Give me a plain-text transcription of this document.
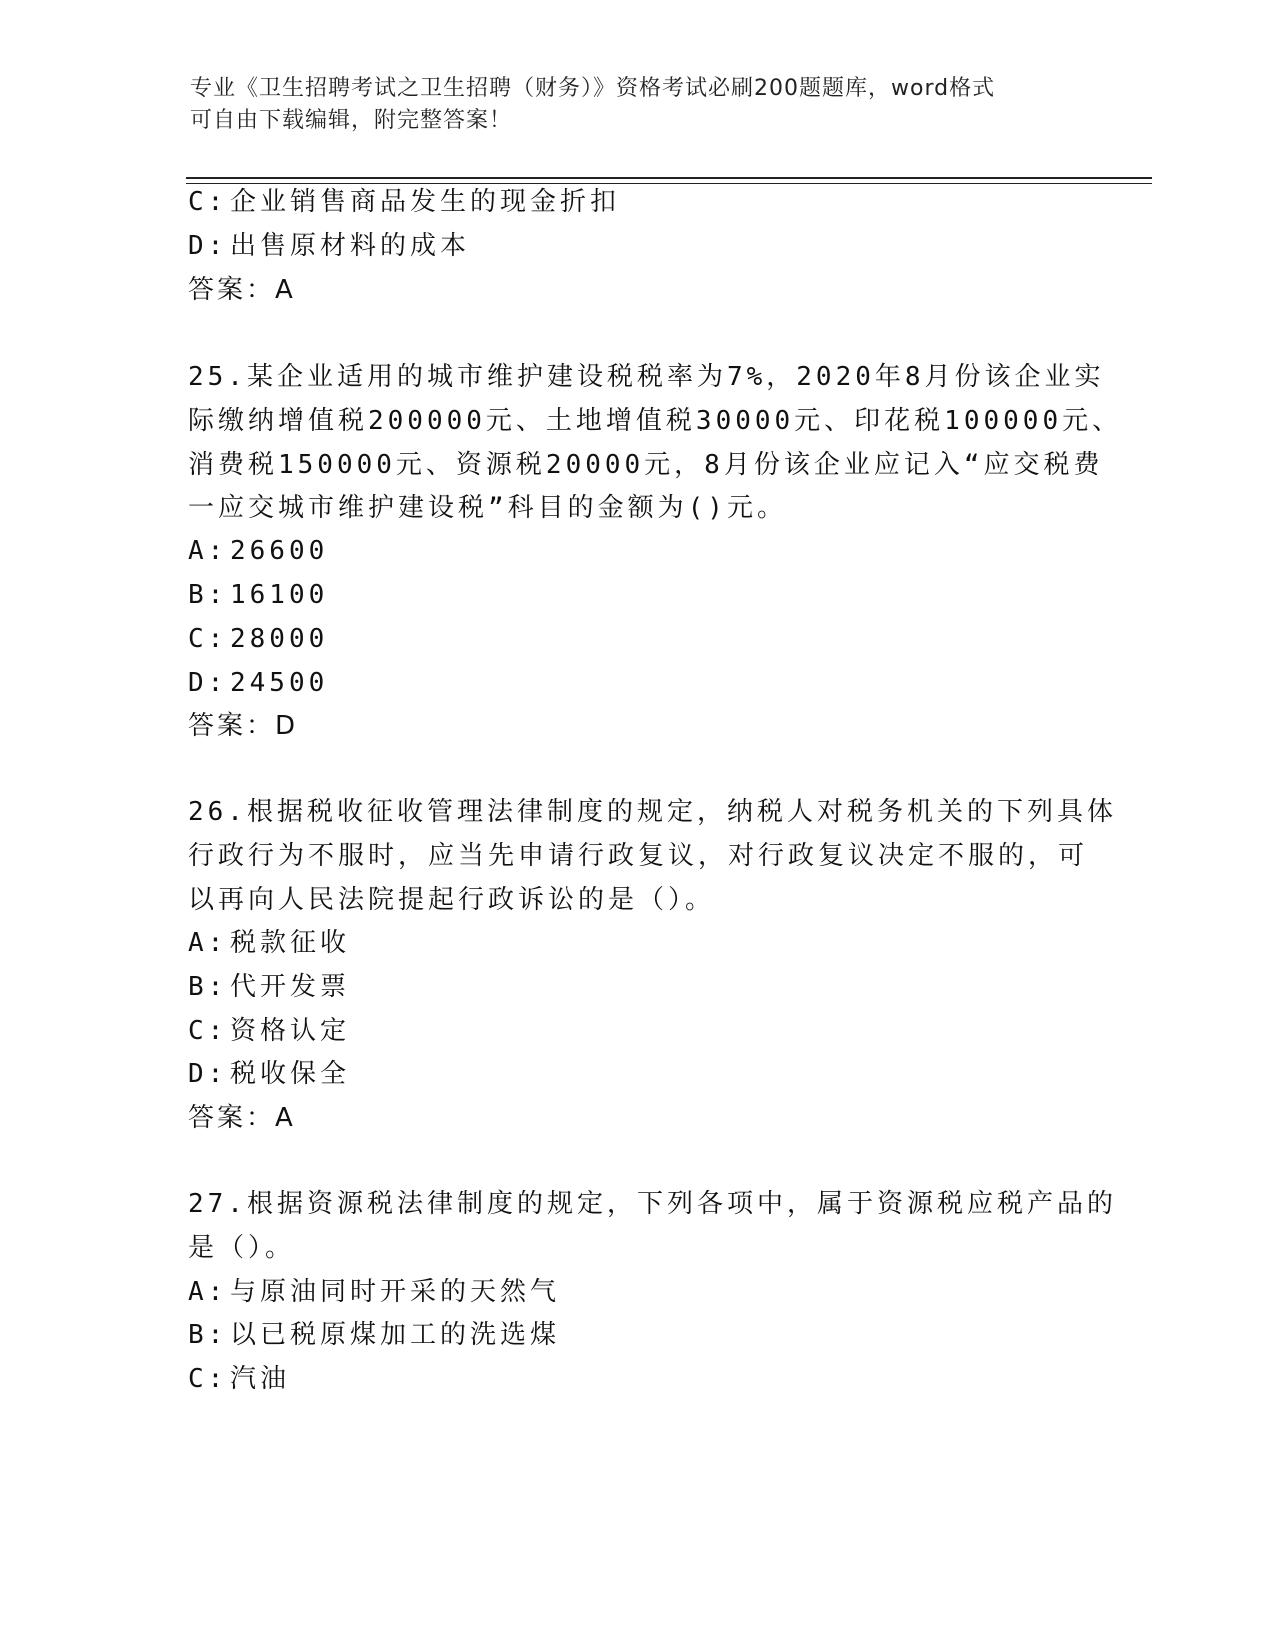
专业《卫生招聘考试之卫生招聘（财务）》资格考试必刷200题题库，word格式
可自由下载编辑，附完整答案！
C: 企业销售商品发生的现金折扣
D: 出售原材料的成本
答案：A
25.某企业适用的城市维护建设税税率为7%，2020年8月份该企业实
际缴纳增值税200000元、土地增值税30000元、印花税100000元、
消费税150000元、资源税20000元，8月份该企业应记入“应交税费
一应交城市维护建设税”科目的金额为()元。
A: 26600
B: 16100
C: 28000
D: 24500
答案：D
26.根据税收征收管理法律制度的规定，纳税人对税务机关的下列具体
行政行为不服时，应当先申请行政复议，对行政复议决定不服的，可
以再向人民法院提起行政诉讼的是（）。
A: 税款征收
B: 代开发票
C: 资格认定
D: 税收保全
答案：A
27.根据资源税法律制度的规定，下列各项中，属于资源税应税产品的
是（）。
A: 与原油同时开采的天然气
B: 以已税原煤加工的洗选煤
C: 汽油
